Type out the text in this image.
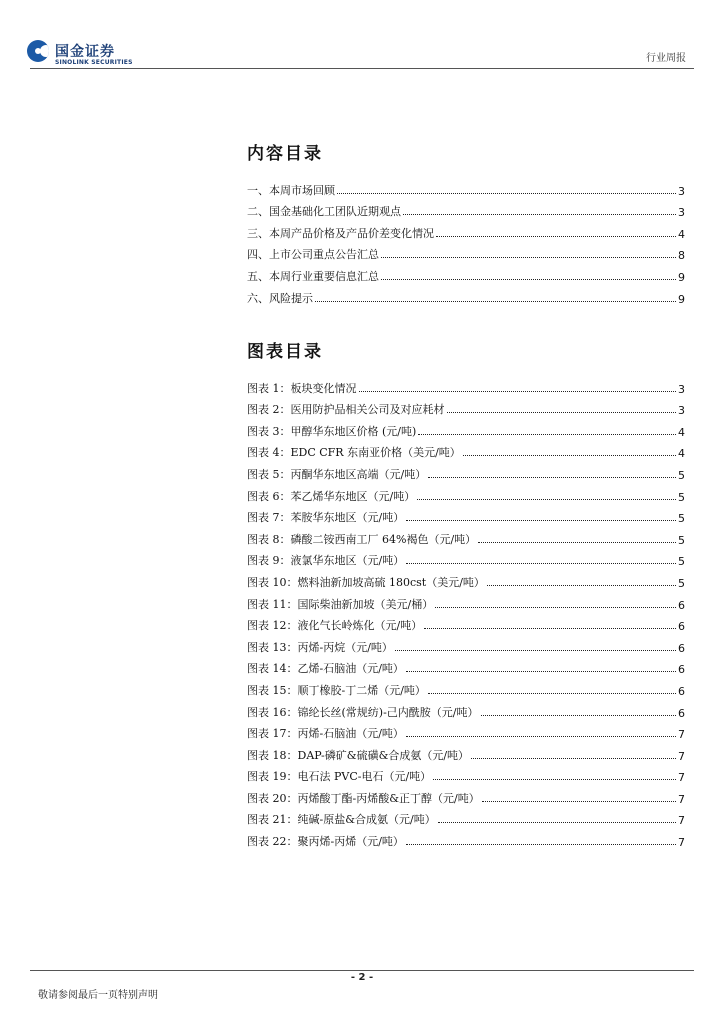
国金证券
SINOLINK SECURITIES	行业周报
内容目录
一、本周市场回顾	3
二、国金基础化工团队近期观点	3
三、本周产品价格及产品价差变化情况	4
四、上市公司重点公告汇总	8
五、本周行业重要信息汇总	9
六、风险提示	9
图表目录
图表 1：板块变化情况	3
图表 2：医用防护品相关公司及对应耗材	3
图表 3：甲醇华东地区价格 (元/吨)	4
图表 4：EDC CFR 东南亚价格（美元/吨）	4
图表 5：丙酮华东地区高端（元/吨）	5
图表 6：苯乙烯华东地区（元/吨）	5
图表 7：苯胺华东地区（元/吨）	5
图表 8：磷酸二铵西南工厂 64%褐色（元/吨）	5
图表 9：液氯华东地区（元/吨）	5
图表 10：燃料油新加坡高硫 180cst（美元/吨）	5
图表 11：国际柴油新加坡（美元/桶）	6
图表 12：液化气长岭炼化（元/吨）	6
图表 13：丙烯-丙烷（元/吨）	6
图表 14：乙烯-石脑油（元/吨）	6
图表 15：顺丁橡胶-丁二烯（元/吨）	6
图表 16：锦纶长丝(常规纺)-己内酰胺（元/吨）	6
图表 17：丙烯-石脑油（元/吨）	7
图表 18：DAP-磷矿&硫磺&合成氨（元/吨）	7
图表 19：电石法 PVC-电石（元/吨）	7
图表 20：丙烯酸丁酯-丙烯酸&正丁醇（元/吨）	7
图表 21：纯碱-原盐&合成氨（元/吨）	7
图表 22：聚丙烯-丙烯（元/吨）	7
- 2 -
敬请参阅最后一页特别声明
